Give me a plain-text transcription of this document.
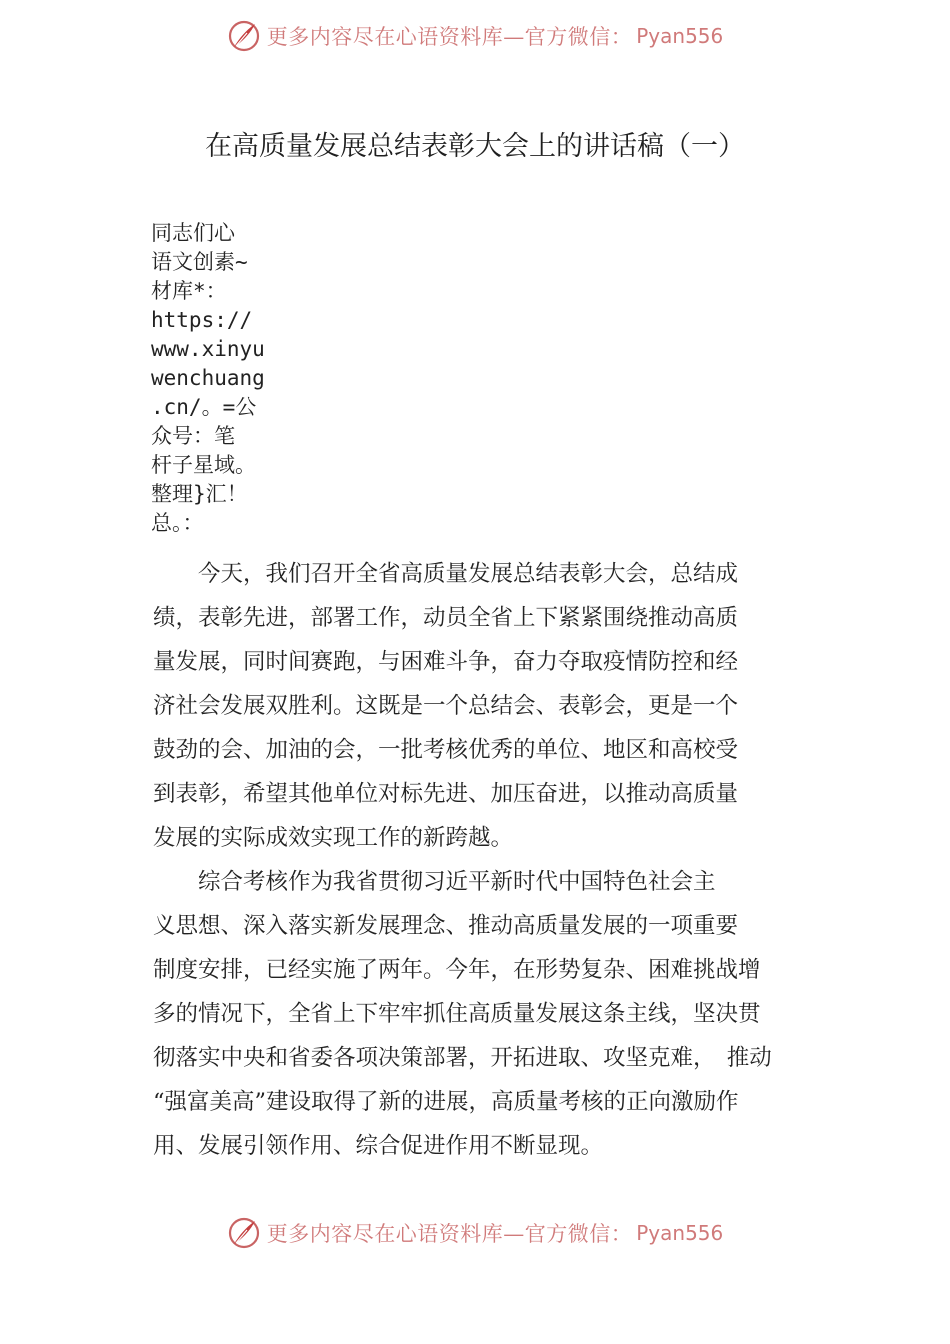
更多内容尽在心语资料库—官方微信： Pyan556
在高质量发展总结表彰大会上的讲话稿（一）
同志们心
语文创素~
材库*：
https://
www.xinyu
wenchuang
.cn/。=公
众号：笔
杆子星域。
整理}汇！
总。：
　　今天，我们召开全省高质量发展总结表彰大会，总结成
绩，表彰先进，部署工作，动员全省上下紧紧围绕推动高质
量发展，同时间赛跑，与困难斗争，奋力夺取疫情防控和经
济社会发展双胜利。这既是一个总结会、表彰会，更是一个
鼓劲的会、加油的会，一批考核优秀的单位、地区和高校受
到表彰，希望其他单位对标先进、加压奋进，以推动高质量
发展的实际成效实现工作的新跨越。
　　综合考核作为我省贯彻习近平新时代中国特色社会主
义思想、深入落实新发展理念、推动高质量发展的一项重要
制度安排，已经实施了两年。今年，在形势复杂、困难挑战增
多的情况下，全省上下牢牢抓住高质量发展这条主线，坚决贯
彻落实中央和省委各项决策部署，开拓进取、攻坚克难，　推动
“强富美高”建设取得了新的进展，高质量考核的正向激励作
用、发展引领作用、综合促进作用不断显现。
更多内容尽在心语资料库—官方微信： Pyan556
